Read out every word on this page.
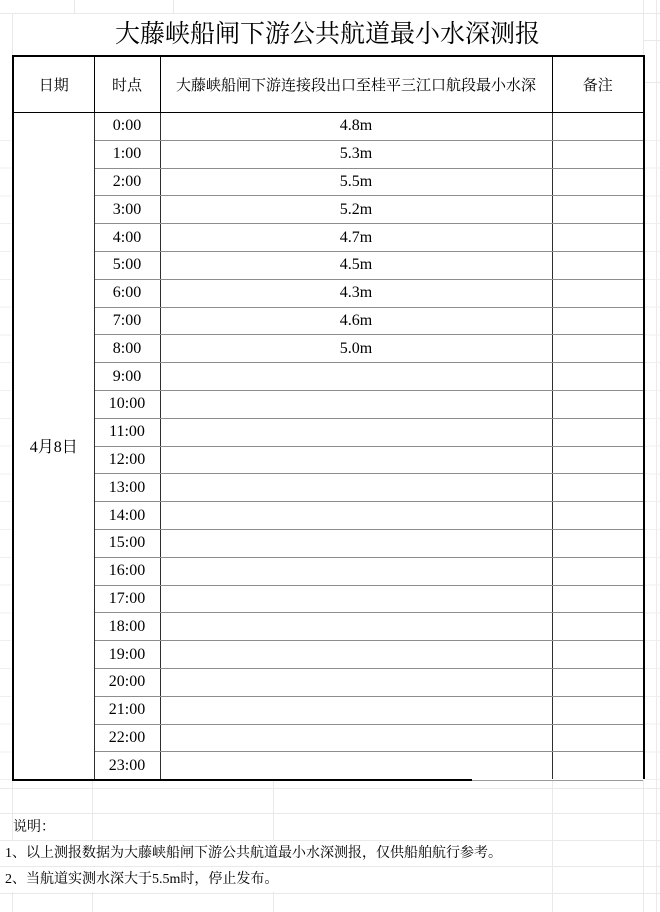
大藤峡船闸下游公共航道最小水深测报
日期	时点	大藤峡船闸下游连接段出口至桂平三江口航段最小水深	备注
4月8日	0:00	4.8m	
	1:00	5.3m	
	2:00	5.5m	
	3:00	5.2m	
	4:00	4.7m	
	5:00	4.5m	
	6:00	4.3m	
	7:00	4.6m	
	8:00	5.0m	
	9:00		
	10:00		
	11:00		
	12:00		
	13:00		
	14:00		
	15:00		
	16:00		
	17:00		
	18:00		
	19:00		
	20:00		
	21:00		
	22:00		
	23:00		
说明：
1、以上测报数据为大藤峡船闸下游公共航道最小水深测报，仅供船舶航行参考。
2、当航道实测水深大于5.5m时，停止发布。
